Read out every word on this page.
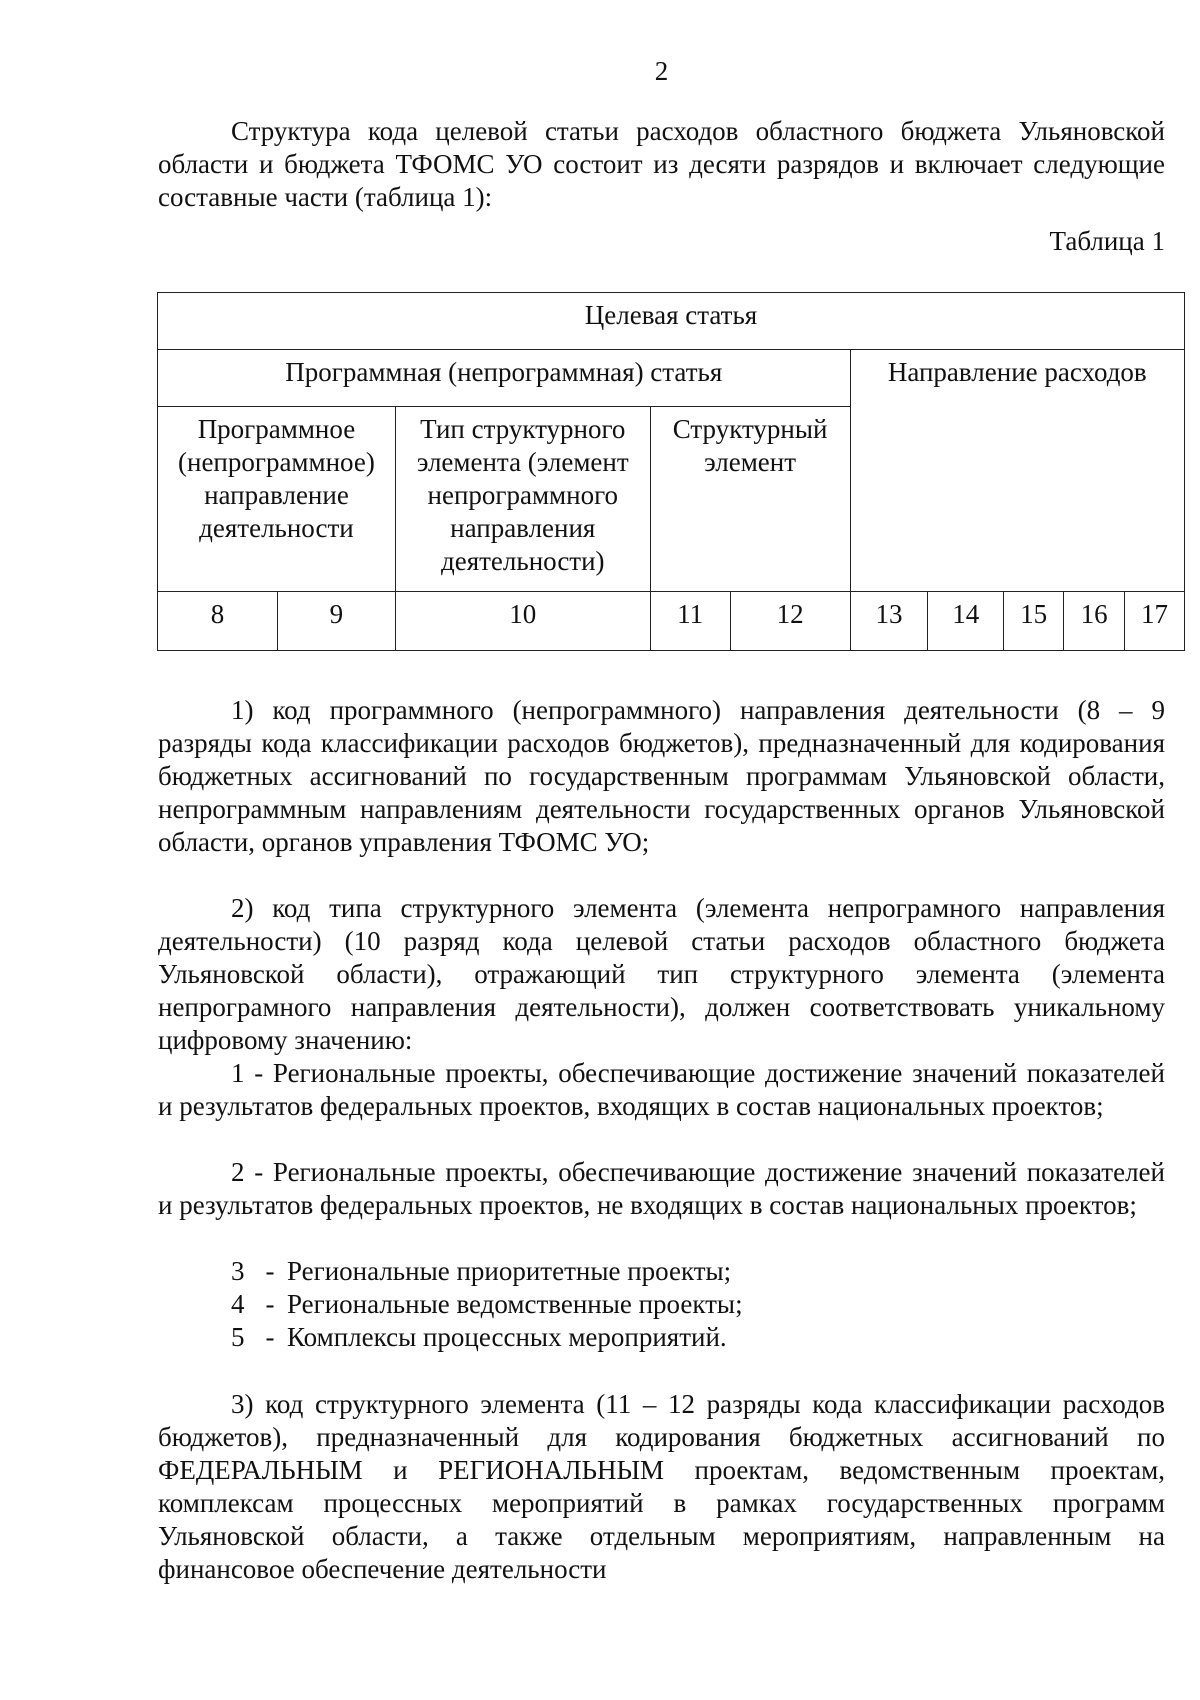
2

Структура кода целевой статьи расходов областного бюджета Ульяновской области и бюджета ТФОМС УО состоит из десяти разрядов и включает следующие составные части (таблица 1):

Таблица 1
Целевая статья									
Программная (непрограммная) статья					Направление расходов				
Программное (непрограммное) направление деятельности		Тип структурного элемента (элемент непрограммного направления деятельности)	Структурный элемент						
8	9	10	11	12	13	14	15	16	17

1) код программного (непрограммного) направления деятельности (8 – 9 разряды кода классификации расходов бюджетов), предназначенный для кодирования бюджетных ассигнований по государственным программам Ульяновской области, непрограммным направлениям деятельности государственных органов Ульяновской области, органов управления ТФОМС УО;

2) код типа структурного элемента (элемента непрограмного направления деятельности) (10 разряд кода целевой статьи расходов областного бюджета Ульяновской области), отражающий тип структурного элемента (элемента непрограмного направления деятельности), должен соответствовать уникальному цифровому значению:

1 - Региональные проекты, обеспечивающие достижение значений показателей и результатов федеральных проектов, входящих в состав национальных проектов;

2 - Региональные проекты, обеспечивающие достижение значений показателей и результатов федеральных проектов, не входящих в состав национальных проектов;

3 - Региональные приоритетные проекты;
4 - Региональные ведомственные проекты;
5 - Комплексы процессных мероприятий.

3) код структурного элемента (11 – 12 разряды кода классификации расходов бюджетов), предназначенный для кодирования бюджетных ассигнований по ФЕДЕРАЛЬНЫМ и РЕГИОНАЛЬНЫМ проектам, ведомственным проектам, комплексам процессных мероприятий в рамках государственных программ Ульяновской области, а также отдельным мероприятиям, направленным на финансовое обеспечение деятельности
